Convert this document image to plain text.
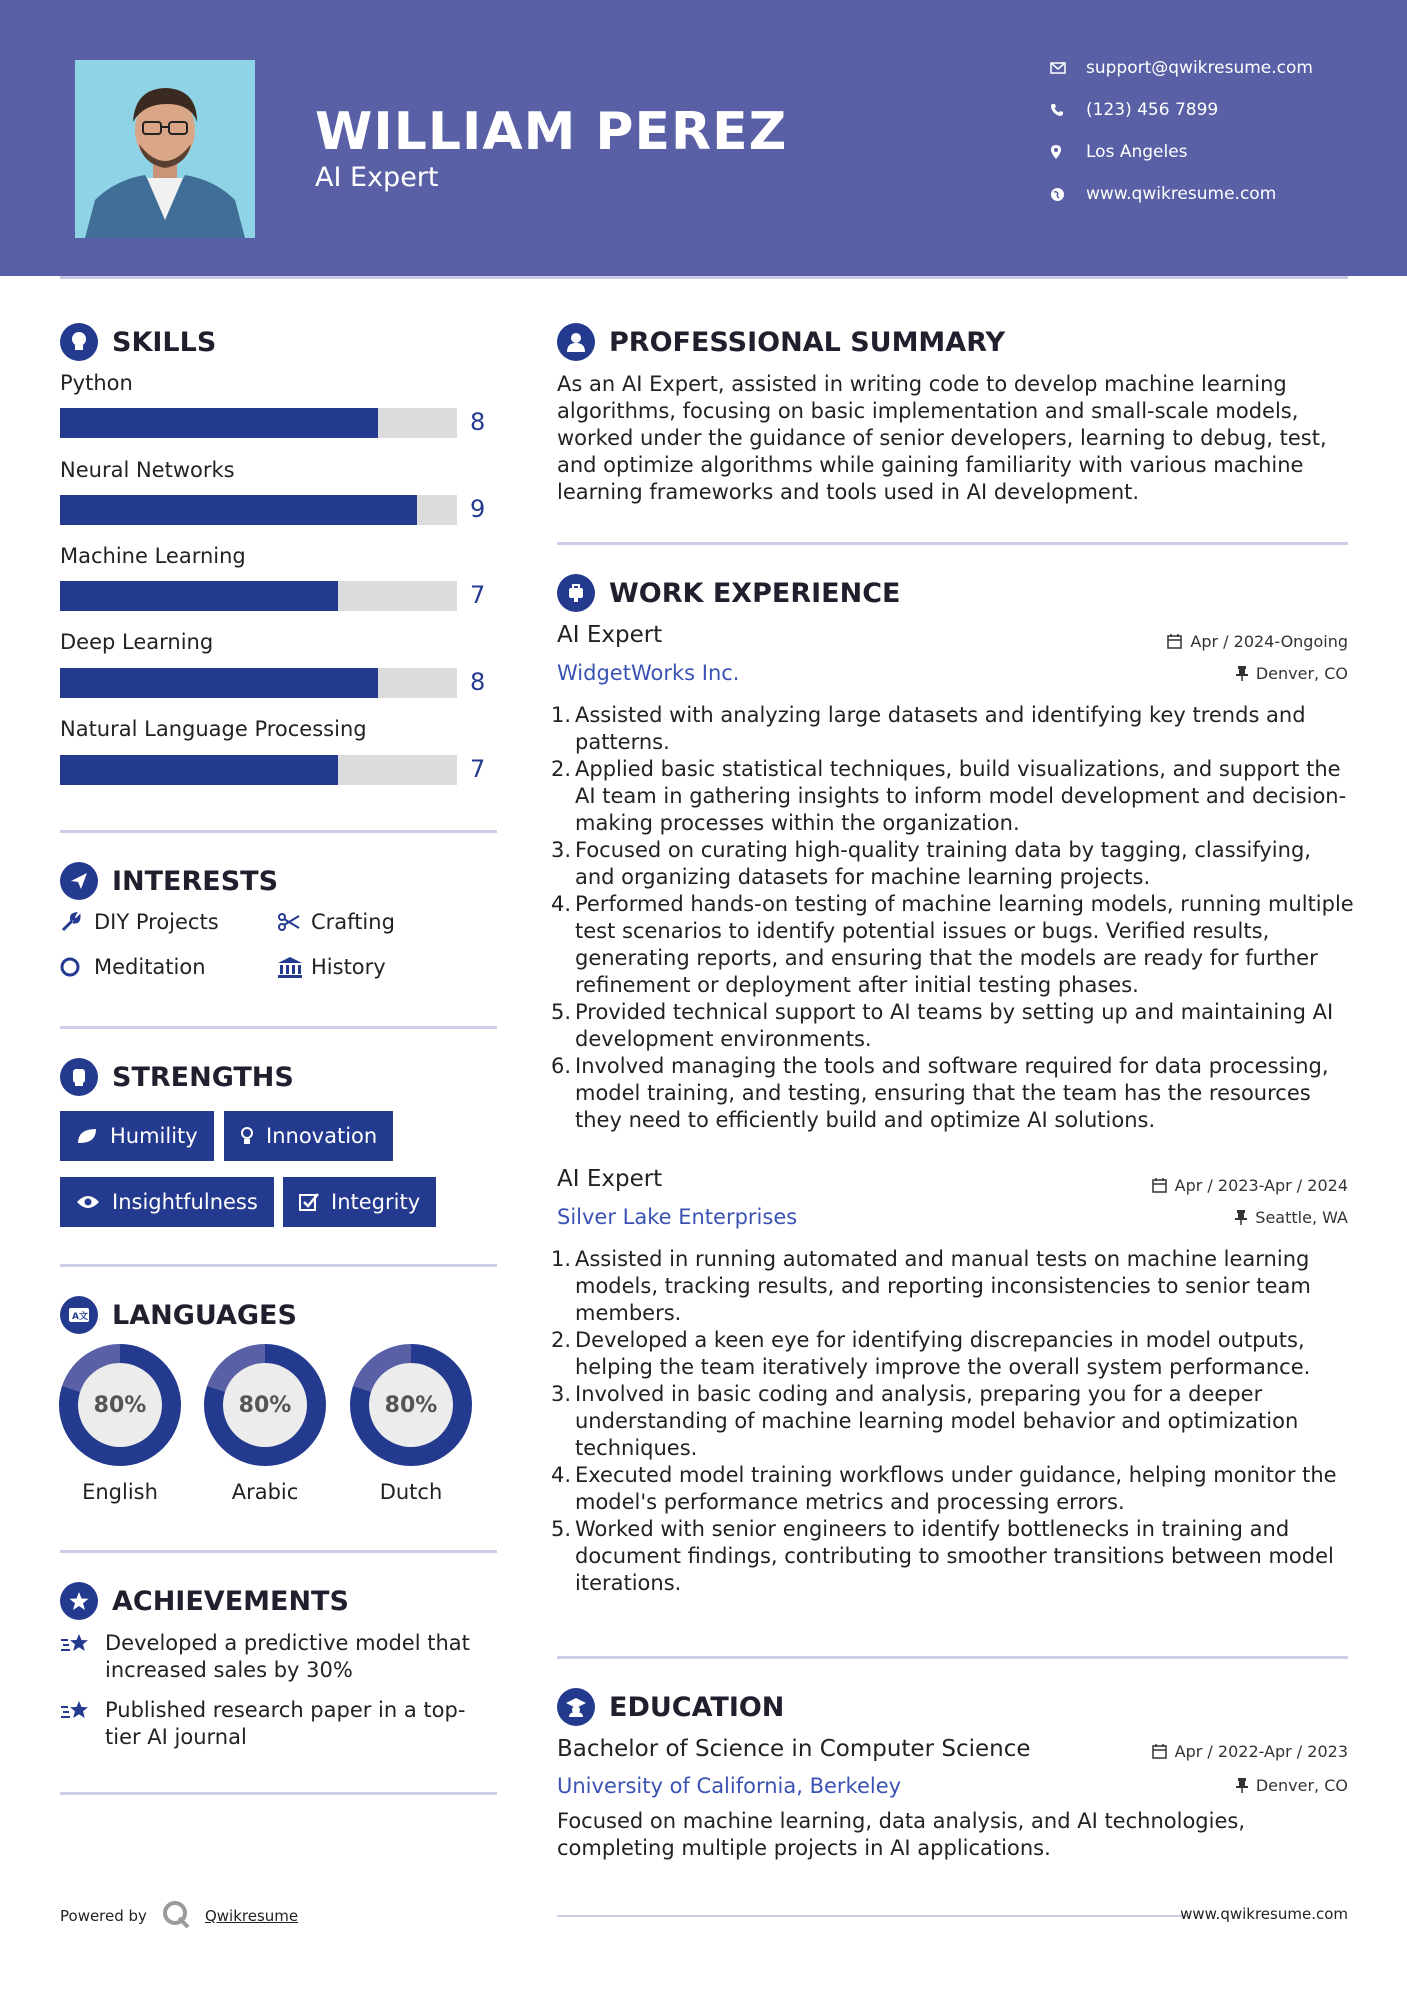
WILLIAM PEREZ
AI Expert
support@qwikresume.com
(123) 456 7899
Los Angeles
www.qwikresume.com
SKILLS
Python
8
Neural Networks
9
Machine Learning
7
Deep Learning
8
Natural Language Processing
7
INTERESTS
DIY Projects	Crafting
Meditation	History
STRENGTHS
Humility	Innovation
Insightfulness	Integrity
A文 LANGUAGES
80%
English
80%
Arabic
80%
Dutch
ACHIEVEMENTS
Developed a predictive model that increased sales by 30%
Published research paper in a top-tier AI journal
PROFESSIONAL SUMMARY
As an AI Expert, assisted in writing code to develop machine learning algorithms, focusing on basic implementation and small-scale models, worked under the guidance of senior developers, learning to debug, test, and optimize algorithms while gaining familiarity with various machine learning frameworks and tools used in AI development.
WORK EXPERIENCE
AI Expert	Apr / 2024-Ongoing
WidgetWorks Inc.	Denver, CO
Assisted with analyzing large datasets and identifying key trends and patterns.
Applied basic statistical techniques, build visualizations, and support the AI team in gathering insights to inform model development and decision-making processes within the organization.
Focused on curating high-quality training data by tagging, classifying, and organizing datasets for machine learning projects.
Performed hands-on testing of machine learning models, running multiple test scenarios to identify potential issues or bugs. Verified results, generating reports, and ensuring that the models are ready for further refinement or deployment after initial testing phases.
Provided technical support to AI teams by setting up and maintaining AI development environments.
Involved managing the tools and software required for data processing, model training, and testing, ensuring that the team has the resources they need to efficiently build and optimize AI solutions.
AI Expert	Apr / 2023-Apr / 2024
Silver Lake Enterprises	Seattle, WA
Assisted in running automated and manual tests on machine learning models, tracking results, and reporting inconsistencies to senior team members.
Developed a keen eye for identifying discrepancies in model outputs, helping the team iteratively improve the overall system performance.
Involved in basic coding and analysis, preparing you for a deeper understanding of machine learning model behavior and optimization techniques.
Executed model training workflows under guidance, helping monitor the model's performance metrics and processing errors.
Worked with senior engineers to identify bottlenecks in training and document findings, contributing to smoother transitions between model iterations.
EDUCATION
Bachelor of Science in Computer Science	Apr / 2022-Apr / 2023
University of California, Berkeley	Denver, CO
Focused on machine learning, data analysis, and AI technologies, completing multiple projects in AI applications.
Powered by	Qwikresume	www.qwikresume.com
